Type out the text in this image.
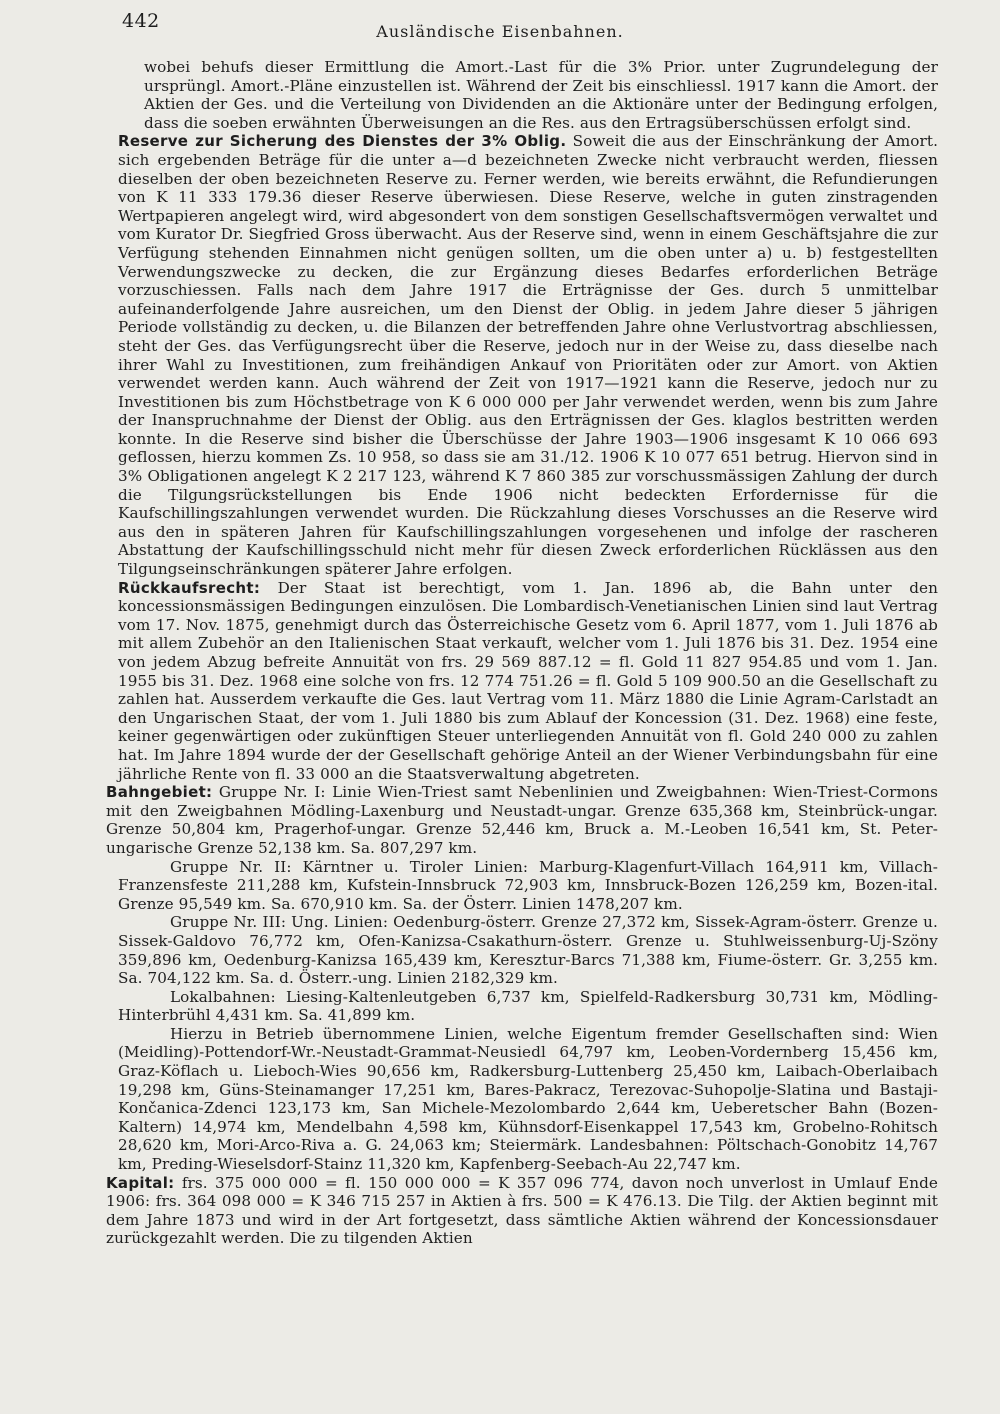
442	Ausländische Eisenbahnen.

wobei behufs dieser Ermittlung die Amort.-Last für die 3% Prior. unter Zugrundelegung der ursprüngl. Amort.-Pläne einzustellen ist. Während der Zeit bis einschliessl. 1917 kann die Amort. der Aktien der Ges. und die Verteilung von Dividenden an die Aktionäre unter der Bedingung erfolgen, dass die soeben erwähnten Überweisungen an die Res. aus den Ertragsüberschüssen erfolgt sind.

Reserve zur Sicherung des Dienstes der 3% Oblig. Soweit die aus der Einschränkung der Amort. sich ergebenden Beträge für die unter a—d bezeichneten Zwecke nicht verbraucht werden, fliessen dieselben der oben bezeichneten Reserve zu. Ferner werden, wie bereits erwähnt, die Refundierungen von K 11 333 179.36 dieser Reserve überwiesen. Diese Reserve, welche in guten zinstragenden Wertpapieren angelegt wird, wird abgesondert von dem sonstigen Gesellschaftsvermögen verwaltet und vom Kurator Dr. Siegfried Gross überwacht. Aus der Reserve sind, wenn in einem Geschäftsjahre die zur Verfügung stehenden Einnahmen nicht genügen sollten, um die oben unter a) u. b) festgestellten Verwendungszwecke zu decken, die zur Ergänzung dieses Bedarfes erforderlichen Beträge vorzuschiessen. Falls nach dem Jahre 1917 die Erträgnisse der Ges. durch 5 unmittelbar aufeinanderfolgende Jahre ausreichen, um den Dienst der Oblig. in jedem Jahre dieser 5 jährigen Periode vollständig zu decken, u. die Bilanzen der betreffenden Jahre ohne Verlustvortrag abschliessen, steht der Ges. das Verfügungsrecht über die Reserve, jedoch nur in der Weise zu, dass dieselbe nach ihrer Wahl zu Investitionen, zum freihändigen Ankauf von Prioritäten oder zur Amort. von Aktien verwendet werden kann. Auch während der Zeit von 1917—1921 kann die Reserve, jedoch nur zu Investitionen bis zum Höchstbetrage von K 6 000 000 per Jahr verwendet werden, wenn bis zum Jahre der Inanspruchnahme der Dienst der Oblig. aus den Erträgnissen der Ges. klaglos bestritten werden konnte. In die Reserve sind bisher die Überschüsse der Jahre 1903—1906 insgesamt K 10 066 693 geflossen, hierzu kommen Zs. 10 958, so dass sie am 31./12. 1906 K 10 077 651 betrug. Hiervon sind in 3% Obligationen angelegt K 2 217 123, während K 7 860 385 zur vorschussmässigen Zahlung der durch die Tilgungsrückstellungen bis Ende 1906 nicht bedeckten Erfordernisse für die Kaufschillingszahlungen verwendet wurden. Die Rückzahlung dieses Vorschusses an die Reserve wird aus den in späteren Jahren für Kaufschillingszahlungen vorgesehenen und infolge der rascheren Abstattung der Kaufschillingsschuld nicht mehr für diesen Zweck erforderlichen Rücklässen aus den Tilgungseinschränkungen späterer Jahre erfolgen.

Rückkaufsrecht: Der Staat ist berechtigt, vom 1. Jan. 1896 ab, die Bahn unter den koncessionsmässigen Bedingungen einzulösen. Die Lombardisch-Venetianischen Linien sind laut Vertrag vom 17. Nov. 1875, genehmigt durch das Österreichische Gesetz vom 6. April 1877, vom 1. Juli 1876 ab mit allem Zubehör an den Italienischen Staat verkauft, welcher vom 1. Juli 1876 bis 31. Dez. 1954 eine von jedem Abzug befreite Annuität von frs. 29 569 887.12 = fl. Gold 11 827 954.85 und vom 1. Jan. 1955 bis 31. Dez. 1968 eine solche von frs. 12 774 751.26 = fl. Gold 5 109 900.50 an die Gesellschaft zu zahlen hat. Ausserdem verkaufte die Ges. laut Vertrag vom 11. März 1880 die Linie Agram-Carlstadt an den Ungarischen Staat, der vom 1. Juli 1880 bis zum Ablauf der Koncession (31. Dez. 1968) eine feste, keiner gegenwärtigen oder zukünftigen Steuer unterliegenden Annuität von fl. Gold 240 000 zu zahlen hat. Im Jahre 1894 wurde der der Gesellschaft gehörige Anteil an der Wiener Verbindungsbahn für eine jährliche Rente von fl. 33 000 an die Staatsverwaltung abgetreten.

Bahngebiet: Gruppe Nr. I: Linie Wien-Triest samt Nebenlinien und Zweigbahnen: Wien-Triest-Cormons mit den Zweigbahnen Mödling-Laxenburg und Neustadt-ungar. Grenze 635,368 km, Steinbrück-ungar. Grenze 50,804 km, Pragerhof-ungar. Grenze 52,446 km, Bruck a. M.-Leoben 16,541 km, St. Peter-ungarische Grenze 52,138 km. Sa. 807,297 km.

Gruppe Nr. II: Kärntner u. Tiroler Linien: Marburg-Klagenfurt-Villach 164,911 km, Villach-Franzensfeste 211,288 km, Kufstein-Innsbruck 72,903 km, Innsbruck-Bozen 126,259 km, Bozen-ital. Grenze 95,549 km. Sa. 670,910 km. Sa. der Österr. Linien 1478,207 km.

Gruppe Nr. III: Ung. Linien: Oedenburg-österr. Grenze 27,372 km, Sissek-Agram-österr. Grenze u. Sissek-Galdovo 76,772 km, Ofen-Kanizsa-Csakathurn-österr. Grenze u. Stuhlweissenburg-Uj-Szöny 359,896 km, Oedenburg-Kanizsa 165,439 km, Keresztur-Barcs 71,388 km, Fiume-österr. Gr. 3,255 km. Sa. 704,122 km. Sa. d. Österr.-ung. Linien 2182,329 km.

Lokalbahnen: Liesing-Kaltenleutgeben 6,737 km, Spielfeld-Radkersburg 30,731 km, Mödling-Hinterbrühl 4,431 km. Sa. 41,899 km.

Hierzu in Betrieb übernommene Linien, welche Eigentum fremder Gesellschaften sind: Wien (Meidling)-Pottendorf-Wr.-Neustadt-Grammat-Neusiedl 64,797 km, Leoben-Vordernberg 15,456 km, Graz-Köflach u. Lieboch-Wies 90,656 km, Radkersburg-Luttenberg 25,450 km, Laibach-Oberlaibach 19,298 km, Güns-Steinamanger 17,251 km, Bares-Pakracz, Terezovac-Suhopolje-Slatina und Bastaji-Končanica-Zdenci 123,173 km, San Michele-Mezolombardo 2,644 km, Ueberetscher Bahn (Bozen-Kaltern) 14,974 km, Mendelbahn 4,598 km, Kühnsdorf-Eisenkappel 17,543 km, Grobelno-Rohitsch 28,620 km, Mori-Arco-Riva a. G. 24,063 km; Steiermärk. Landesbahnen: Pöltschach-Gonobitz 14,767 km, Preding-Wieselsdorf-Stainz 11,320 km, Kapfenberg-Seebach-Au 22,747 km.

Kapital: frs. 375 000 000 = fl. 150 000 000 = K 357 096 774, davon noch unverlost in Umlauf Ende 1906: frs. 364 098 000 = K 346 715 257 in Aktien à frs. 500 = K 476.13. Die Tilg. der Aktien beginnt mit dem Jahre 1873 und wird in der Art fortgesetzt, dass sämtliche Aktien während der Koncessionsdauer zurückgezahlt werden. Die zu tilgenden Aktien
